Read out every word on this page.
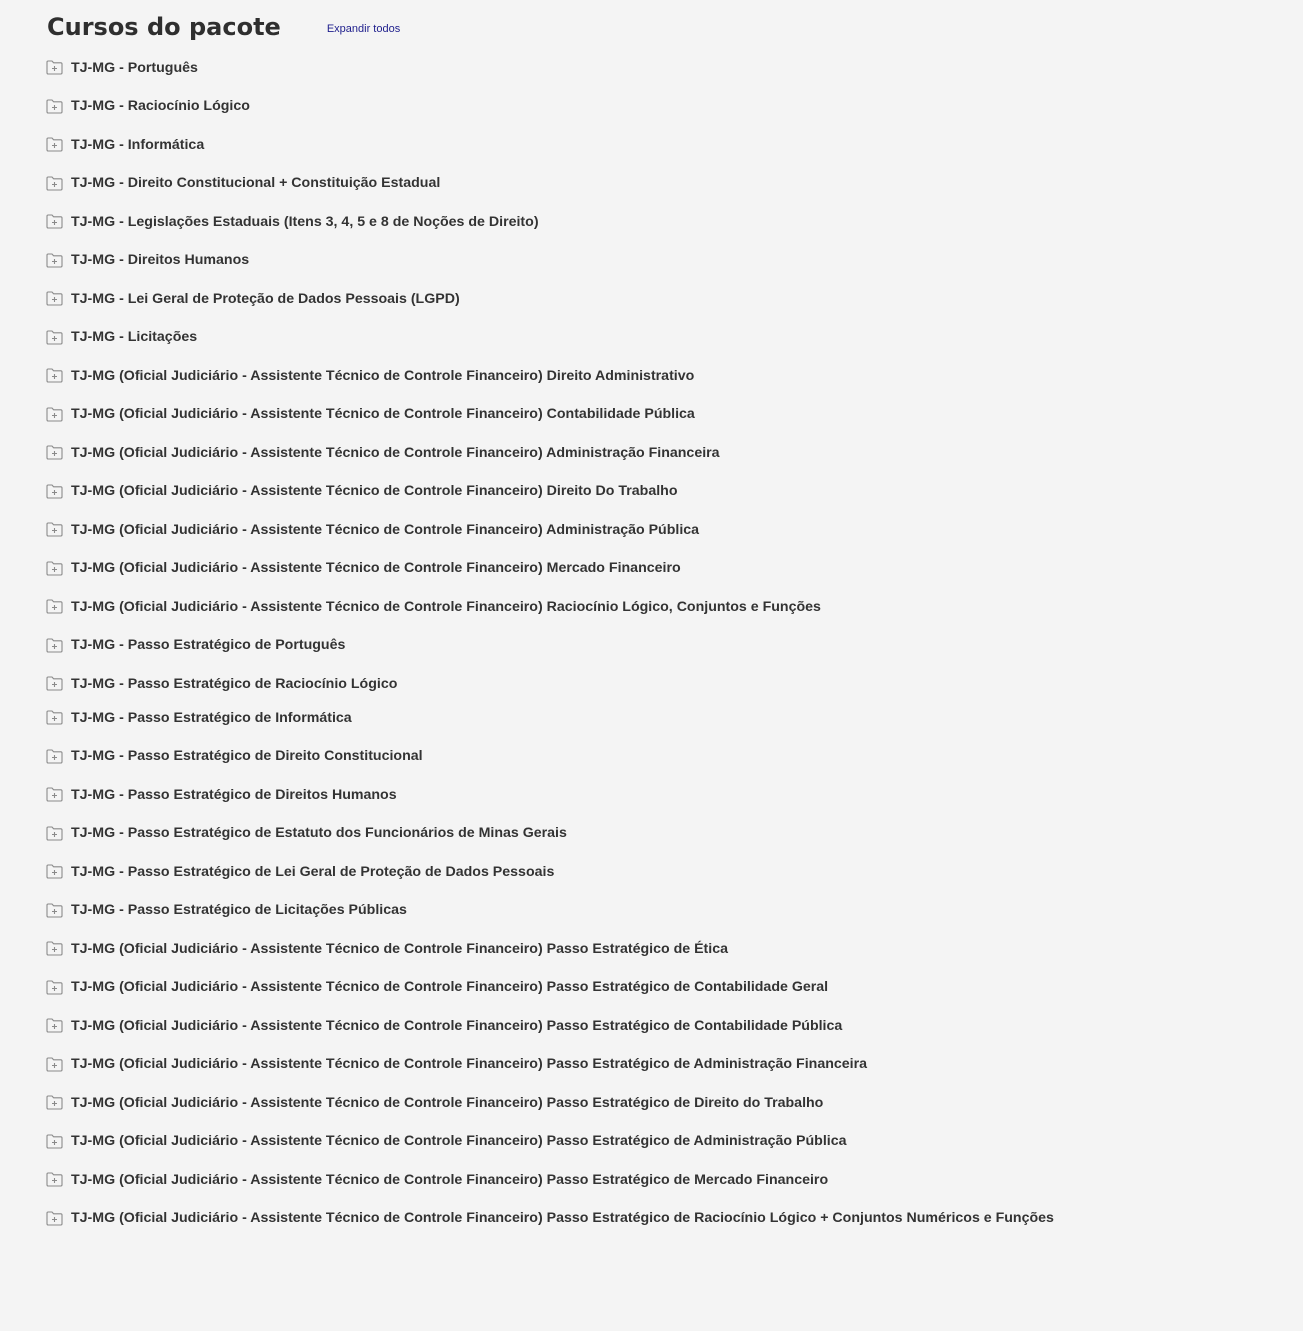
Cursos do pacote	Expandir todos
TJ-MG - Português
TJ-MG - Raciocínio Lógico
TJ-MG - Informática
TJ-MG - Direito Constitucional + Constituição Estadual
TJ-MG - Legislações Estaduais (Itens 3, 4, 5 e 8 de Noções de Direito)
TJ-MG - Direitos Humanos
TJ-MG - Lei Geral de Proteção de Dados Pessoais (LGPD)
TJ-MG - Licitações
TJ-MG (Oficial Judiciário - Assistente Técnico de Controle Financeiro) Direito Administrativo
TJ-MG (Oficial Judiciário - Assistente Técnico de Controle Financeiro) Contabilidade Pública
TJ-MG (Oficial Judiciário - Assistente Técnico de Controle Financeiro) Administração Financeira
TJ-MG (Oficial Judiciário - Assistente Técnico de Controle Financeiro) Direito Do Trabalho
TJ-MG (Oficial Judiciário - Assistente Técnico de Controle Financeiro) Administração Pública
TJ-MG (Oficial Judiciário - Assistente Técnico de Controle Financeiro) Mercado Financeiro
TJ-MG (Oficial Judiciário - Assistente Técnico de Controle Financeiro) Raciocínio Lógico, Conjuntos e Funções
TJ-MG - Passo Estratégico de Português
TJ-MG - Passo Estratégico de Raciocínio Lógico
TJ-MG - Passo Estratégico de Informática
TJ-MG - Passo Estratégico de Direito Constitucional
TJ-MG - Passo Estratégico de Direitos Humanos
TJ-MG - Passo Estratégico de Estatuto dos Funcionários de Minas Gerais
TJ-MG - Passo Estratégico de Lei Geral de Proteção de Dados Pessoais
TJ-MG - Passo Estratégico de Licitações Públicas
TJ-MG (Oficial Judiciário - Assistente Técnico de Controle Financeiro) Passo Estratégico de Ética
TJ-MG (Oficial Judiciário - Assistente Técnico de Controle Financeiro) Passo Estratégico de Contabilidade Geral
TJ-MG (Oficial Judiciário - Assistente Técnico de Controle Financeiro) Passo Estratégico de Contabilidade Pública
TJ-MG (Oficial Judiciário - Assistente Técnico de Controle Financeiro) Passo Estratégico de Administração Financeira
TJ-MG (Oficial Judiciário - Assistente Técnico de Controle Financeiro) Passo Estratégico de Direito do Trabalho
TJ-MG (Oficial Judiciário - Assistente Técnico de Controle Financeiro) Passo Estratégico de Administração Pública
TJ-MG (Oficial Judiciário - Assistente Técnico de Controle Financeiro) Passo Estratégico de Mercado Financeiro
TJ-MG (Oficial Judiciário - Assistente Técnico de Controle Financeiro) Passo Estratégico de Raciocínio Lógico + Conjuntos Numéricos e Funções
